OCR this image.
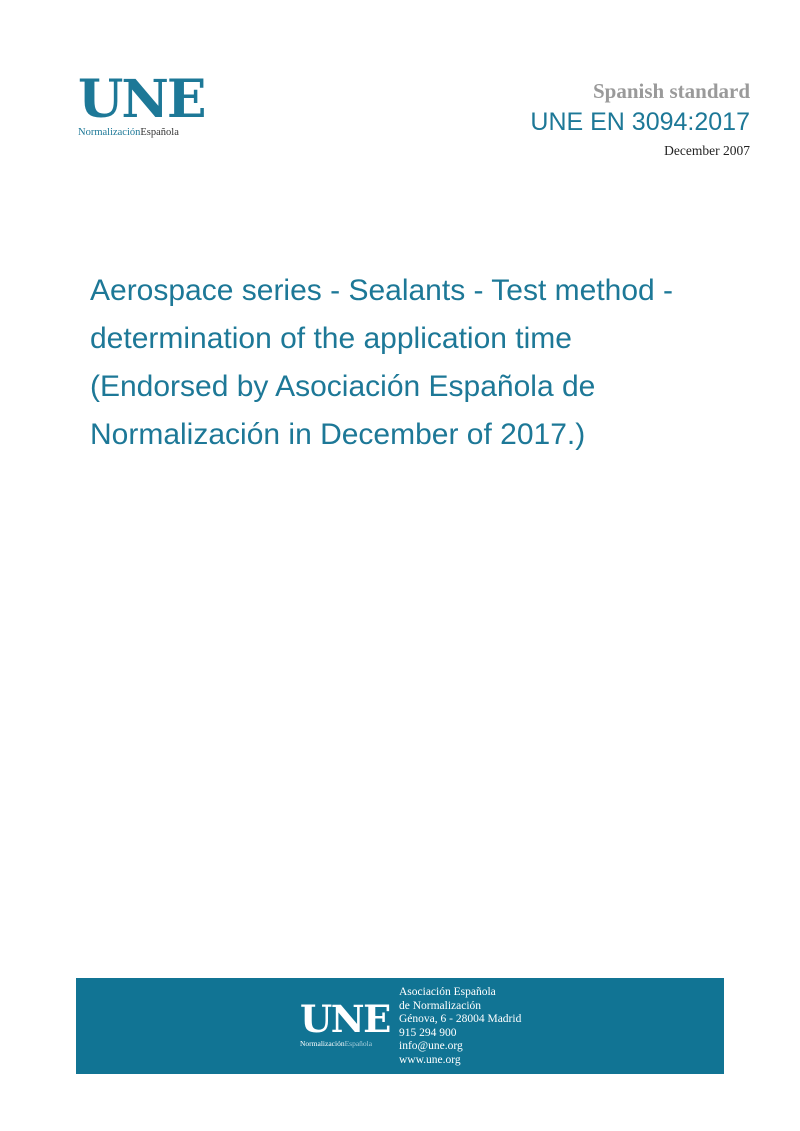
UNE
NormalizaciónEspañola
Spanish standard
UNE EN 3094:2017
December 2007
Aerospace series - Sealants - Test method - determination of the application time (Endorsed by Asociación Española de Normalización in December of 2017.)
UNE
NormalizaciónEspañola
Asociación Española
de Normalización
Génova, 6 - 28004 Madrid
915 294 900
info@une.org
www.une.org
